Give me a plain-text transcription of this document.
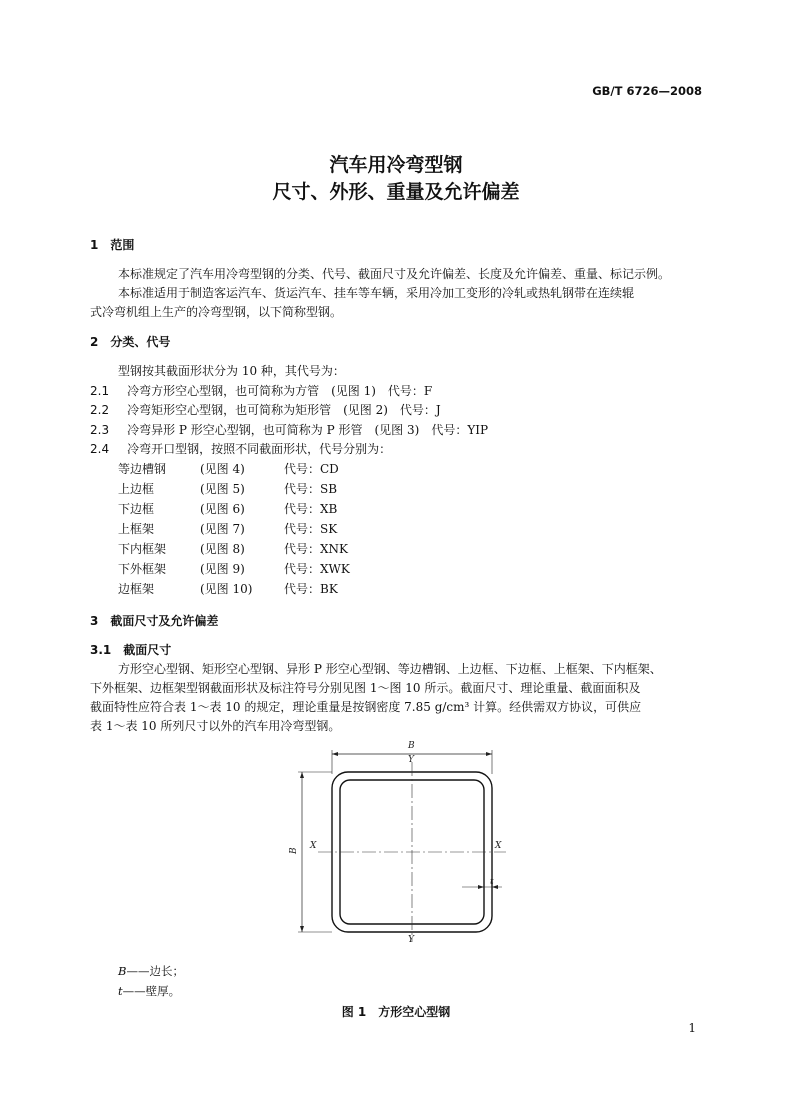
GB/T 6726—2008
汽车用冷弯型钢
尺寸、外形、重量及允许偏差
1　范围
本标准规定了汽车用冷弯型钢的分类、代号、截面尺寸及允许偏差、长度及允许偏差、重量、标记示例。
本标准适用于制造客运汽车、货运汽车、挂车等车辆，采用冷加工变形的冷轧或热轧钢带在连续辊
式冷弯机组上生产的冷弯型钢，以下简称型钢。
2　分类、代号
型钢按其截面形状分为 10 种，其代号为：
2.1 冷弯方形空心型钢，也可简称为方管　(见图 1)　代号：F
2.2 冷弯矩形空心型钢，也可简称为矩形管　(见图 2)　代号：J
2.3 冷弯异形 P 形空心型钢，也可简称为 P 形管　(见图 3)　代号：YIP
2.4 冷弯开口型钢，按照不同截面形状，代号分别为：
等边槽钢	(见图 4)	代号：CD
上边框	(见图 5)	代号：SB
下边框	(见图 6)	代号：XB
上框架	(见图 7)	代号：SK
下内框架	(见图 8)	代号：XNK
下外框架	(见图 9)	代号：XWK
边框架	(见图 10)	代号：BK
3　截面尺寸及允许偏差
3.1　截面尺寸
方形空心型钢、矩形空心型钢、异形 P 形空心型钢、等边槽钢、上边框、下边框、上框架、下内框架、
下外框架、边框架型钢截面形状及标注符号分别见图 1～图 10 所示。截面尺寸、理论重量、截面面积及
截面特性应符合表 1～表 10 的规定，理论重量是按钢密度 7.85 g/cm³ 计算。经供需双方协议，可供应
表 1～表 10 所列尺寸以外的汽车用冷弯型钢。
B
B
Y
Y
X	X
t
B——边长；
t——壁厚。
图 1　方形空心型钢
1
